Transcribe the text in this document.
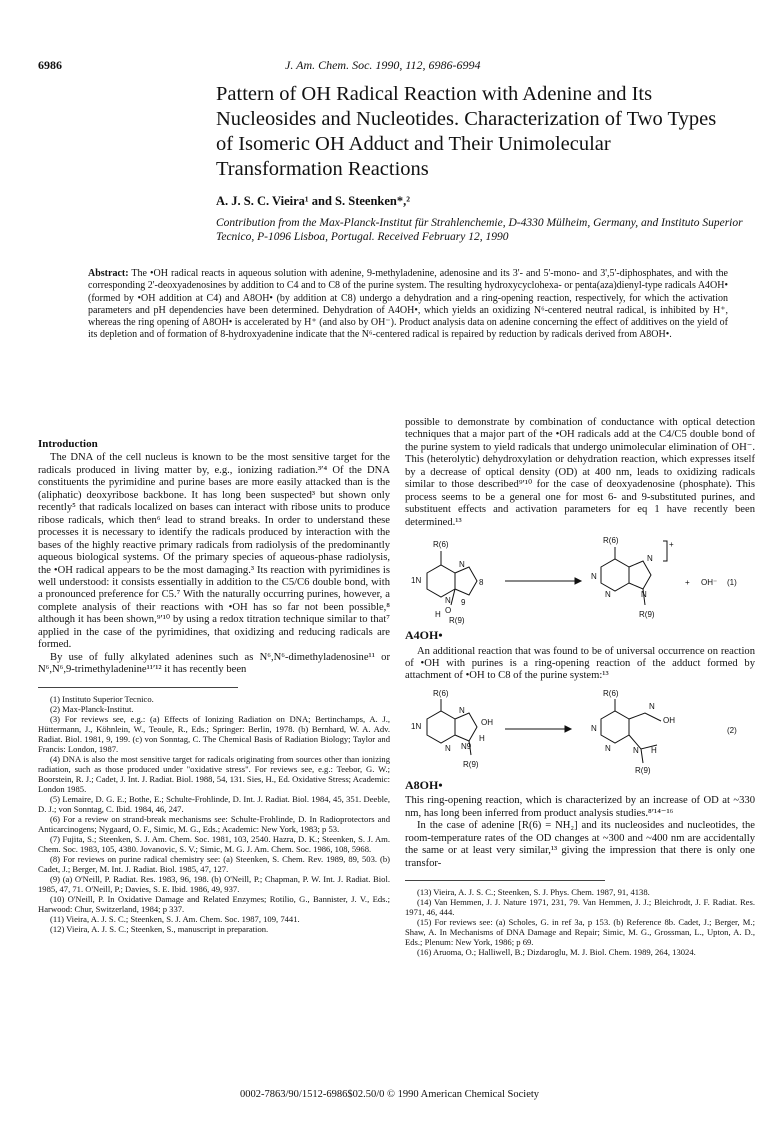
6986	J. Am. Chem. Soc. 1990, 112, 6986-6994
Pattern of OH Radical Reaction with Adenine and Its Nucleosides and Nucleotides. Characterization of Two Types of Isomeric OH Adduct and Their Unimolecular Transformation Reactions
A. J. S. C. Vieira¹ and S. Steenken*,²
Contribution from the Max-Planck-Institut für Strahlenchemie, D-4330 Mülheim, Germany, and Instituto Superior Tecnico, P-1096 Lisboa, Portugal. Received February 12, 1990
Abstract: The •OH radical reacts in aqueous solution with adenine, 9-methyladenine, adenosine and its 3'- and 5'-mono- and 3',5'-diphosphates, and with the corresponding 2'-deoxyadenosines by addition to C4 and to C8 of the purine system. The resulting hydroxycyclohexa- or penta(aza)dienyl-type radicals A4OH• (formed by •OH addition at C4) and A8OH• (by addition at C8) undergo a dehydration and a ring-opening reaction, respectively, for which the activation parameters and pH dependencies have been determined. Dehydration of A4OH•, which yields an oxidizing N⁶-centered neutral radical, is inhibited by H⁺, whereas the ring opening of A8OH• is accelerated by H⁺ (and also by OH⁻). Product analysis data on adenine concerning the effect of additives on the yield of its depletion and of formation of 8-hydroxyadenine indicate that the N⁶-centered radical is repaired by reduction by radicals derived from A8OH•.
Introduction

The DNA of the cell nucleus is known to be the most sensitive target for the radicals produced in living matter by, e.g., ionizing radiation.³ʹ⁴ Of the DNA constituents the pyrimidine and purine bases are more easily attacked than is the (aliphatic) deoxyribose backbone. It has long been suspected³ but shown only recently⁵ that radicals localized on bases can interact with ribose units to produce ribose radicals, which then⁶ lead to strand breaks. In order to understand these processes it is necessary to identify the radicals produced by interaction with the bases of the highly reactive primary radicals from radiolysis of the predominantly aqueous biological systems. Of the primary species of aqueous-phase radiolysis, the •OH radical appears to be the most damaging.³ Its reaction with pyrimidines is well understood: it consists essentially in addition to the C5/C6 double bond, with a pronounced preference for C5.⁷ With the naturally occurring purines, however, a complete analysis of their reactions with •OH has so far not been possible,⁸ although it has been shown,⁹ʹ¹⁰ by using a redox titration technique similar to that⁷ applied in the case of the pyrimidines, that oxidizing and reducing radicals are formed.

By use of fully alkylated adenines such as N⁶,N⁶-dimethyladenosine¹¹ or N⁶,N⁶,9-trimethyladenine¹¹ʹ¹² it has recently been

(1) Instituto Superior Tecnico.

(2) Max-Planck-Institut.

(3) For reviews see, e.g.: (a) Effects of Ionizing Radiation on DNA; Bertinchamps, A. J., Hüttermann, J., Köhnlein, W., Teoule, R., Eds.; Springer: Berlin, 1978. (b) Bernhard, W. A. Adv. Radiat. Biol. 1981, 9, 199. (c) von Sonntag, C. The Chemical Basis of Radiation Biology; Taylor and Francis: London, 1987.

(4) DNA is also the most sensitive target for radicals originating from sources other than ionizing radiation, such as those produced under "oxidative stress". For reviews see, e.g.: Teebor, G. W.; Boorstein, R. J.; Cadet, J. Int. J. Radiat. Biol. 1988, 54, 131. Sies, H., Ed. Oxidative Stress; Academic: London 1985.

(5) Lemaire, D. G. E.; Bothe, E.; Schulte-Frohlinde, D. Int. J. Radiat. Biol. 1984, 45, 351. Deeble, D. J.; von Sonntag, C. Ibid. 1984, 46, 247.

(6) For a review on strand-break mechanisms see: Schulte-Frohlinde, D. In Radioprotectors and Anticarcinogens; Nygaard, O. F., Simic, M. G., Eds.; Academic: New York, 1983; p 53.

(7) Fujita, S.; Steenken, S. J. Am. Chem. Soc. 1981, 103, 2540. Hazra, D. K.; Steenken, S. J. Am. Chem. Soc. 1983, 105, 4380. Jovanovic, S. V.; Simic, M. G. J. Am. Chem. Soc. 1986, 108, 5968.

(8) For reviews on purine radical chemistry see: (a) Steenken, S. Chem. Rev. 1989, 89, 503. (b) Cadet, J.; Berger, M. Int. J. Radiat. Biol. 1985, 47, 127.

(9) (a) O'Neill, P. Radiat. Res. 1983, 96, 198. (b) O'Neill, P.; Chapman, P. W. Int. J. Radiat. Biol. 1985, 47, 71. O'Neill, P.; Davies, S. E. Ibid. 1986, 49, 937.

(10) O'Neill, P. In Oxidative Damage and Related Enzymes; Rotilio, G., Bannister, J. V., Eds.; Harwood: Chur, Switzerland, 1984; p 337.

(11) Vieira, A. J. S. C.; Steenken, S. J. Am. Chem. Soc. 1987, 109, 7441.

(12) Vieira, A. J. S. C.; Steenken, S., manuscript in preparation.

possible to demonstrate by combination of conductance with optical detection techniques that a major part of the •OH radicals add at the C4/C5 double bond of the purine system to yield radicals that undergo unimolecular elimination of OH⁻. This (heterolytic) dehydroxylation or dehydration reaction, which expresses itself by a decrease of optical density (OD) at 400 nm, leads to oxidizing radicals similar to those described⁹ʹ¹⁰ for the case of deoxyadenosine (phosphate). This process seems to be a general one for most 6- and 9-substituted purines, and substituent effects and activation parameters for eq 1 have recently been determined.¹³

R(6)
1N
N
8
N 9
H O
R(9)
R(6)
N
N
N	N
R(9)
+
+ OH⁻ (1)
A4OH•

An additional reaction that was found to be of universal occurrence on reaction of •OH with purines is a ring-opening reaction of the adduct formed by attachment of •OH to C8 of the purine system:¹³

R(6)
1N
N
OH
N N9
H
R(9)
R(6)
N
N
N
OH
H
N
R(9)
(2)
A8OH•

This ring-opening reaction, which is characterized by an increase of OD at ~330 nm, has long been inferred from product analysis studies.⁸ʹ¹⁴⁻¹⁶

In the case of adenine [R(6) = NH₂] and its nucleosides and nucleotides, the room-temperature rates of the OD changes at ~300 and ~400 nm are accidentally the same or at least very similar,¹³ giving the impression that there is only one transfor-

(13) Vieira, A. J. S. C.; Steenken, S. J. Phys. Chem. 1987, 91, 4138.

(14) Van Hemmen, J. J. Nature 1971, 231, 79. Van Hemmen, J. J.; Bleichrodt, J. F. Radiat. Res. 1971, 46, 444.

(15) For reviews see: (a) Scholes, G. in ref 3a, p 153. (b) Reference 8b. Cadet, J.; Berger, M.; Shaw, A. In Mechanisms of DNA Damage and Repair; Simic, M. G., Grossman, L., Upton, A. D., Eds.; Plenum: New York, 1986; p 69.

(16) Aruoma, O.; Halliwell, B.; Dizdaroglu, M. J. Biol. Chem. 1989, 264, 13024.

0002-7863/90/1512-6986$02.50/0 © 1990 American Chemical Society
